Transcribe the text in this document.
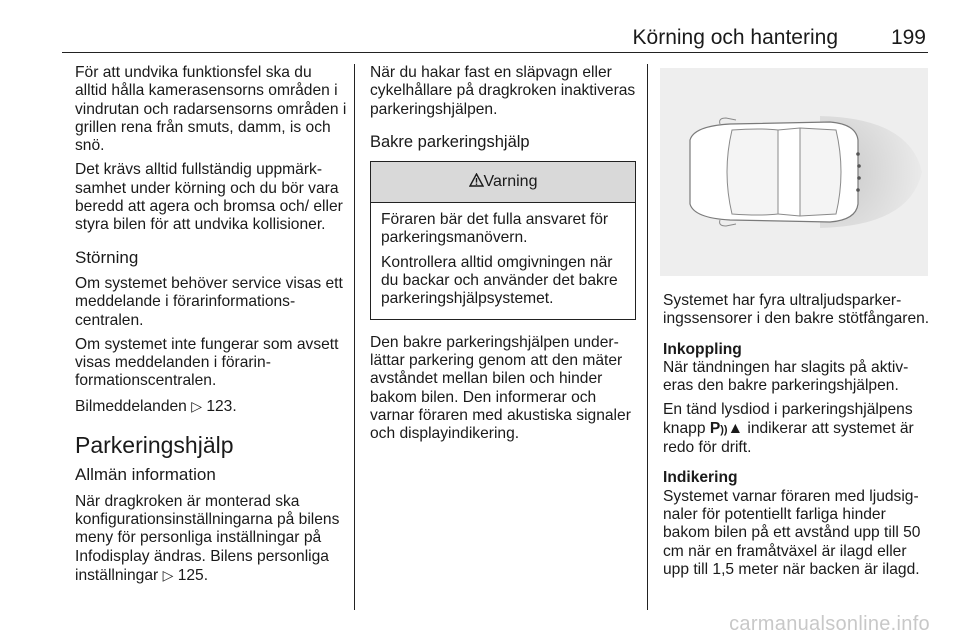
Körning och hantering	199

För att undvika funktionsfel ska du alltid hålla kamerasensorns områden i vindrutan och radarsensorns områden i grillen rena från smuts, damm, is och snö.

Det krävs alltid fullständig uppmärksamhet under körning och du bör vara beredd att agera och bromsa och/ eller styra bilen för att undvika kollisioner.

Störning

Om systemet behöver service visas ett meddelande i förarinformationscentralen.

Om systemet inte fungerar som avsett visas meddelanden i förarinformationscentralen.

Bilmeddelanden ▷ 123.

Parkeringshjälp
Allmän information

När dragkroken är monterad ska konfigurationsinställningarna på bilens meny för personliga inställningar på Infodisplay ändras. Bilens personliga inställningar ▷ 125.

När du hakar fast en släpvagn eller cykelhållare på dragkroken inaktiveras parkeringshjälpen.

Bakre parkeringshjälp
Varning

Föraren bär det fulla ansvaret för parkeringsmanövern.

Kontrollera alltid omgivningen när du backar och använder det bakre parkeringshjälpsystemet.

Den bakre parkeringshjälpen underlättar parkering genom att den mäter avståndet mellan bilen och hinder bakom bilen. Den informerar och varnar föraren med akustiska signaler och displayindikering.

Systemet har fyra ultraljudsparkeringssensorer i den bakre stötfångaren.

Inkoppling

När tändningen har slagits på aktiveras den bakre parkeringshjälpen.

En tänd lysdiod i parkeringshjälpens knapp P))▲ indikerar att systemet är redo för drift.

Indikering

Systemet varnar föraren med ljudsignaler för potentiellt farliga hinder bakom bilen på ett avstånd upp till 50 cm när en framåtväxel är ilagd eller upp till 1,5 meter när backen är ilagd.

carmanualsonline.info
